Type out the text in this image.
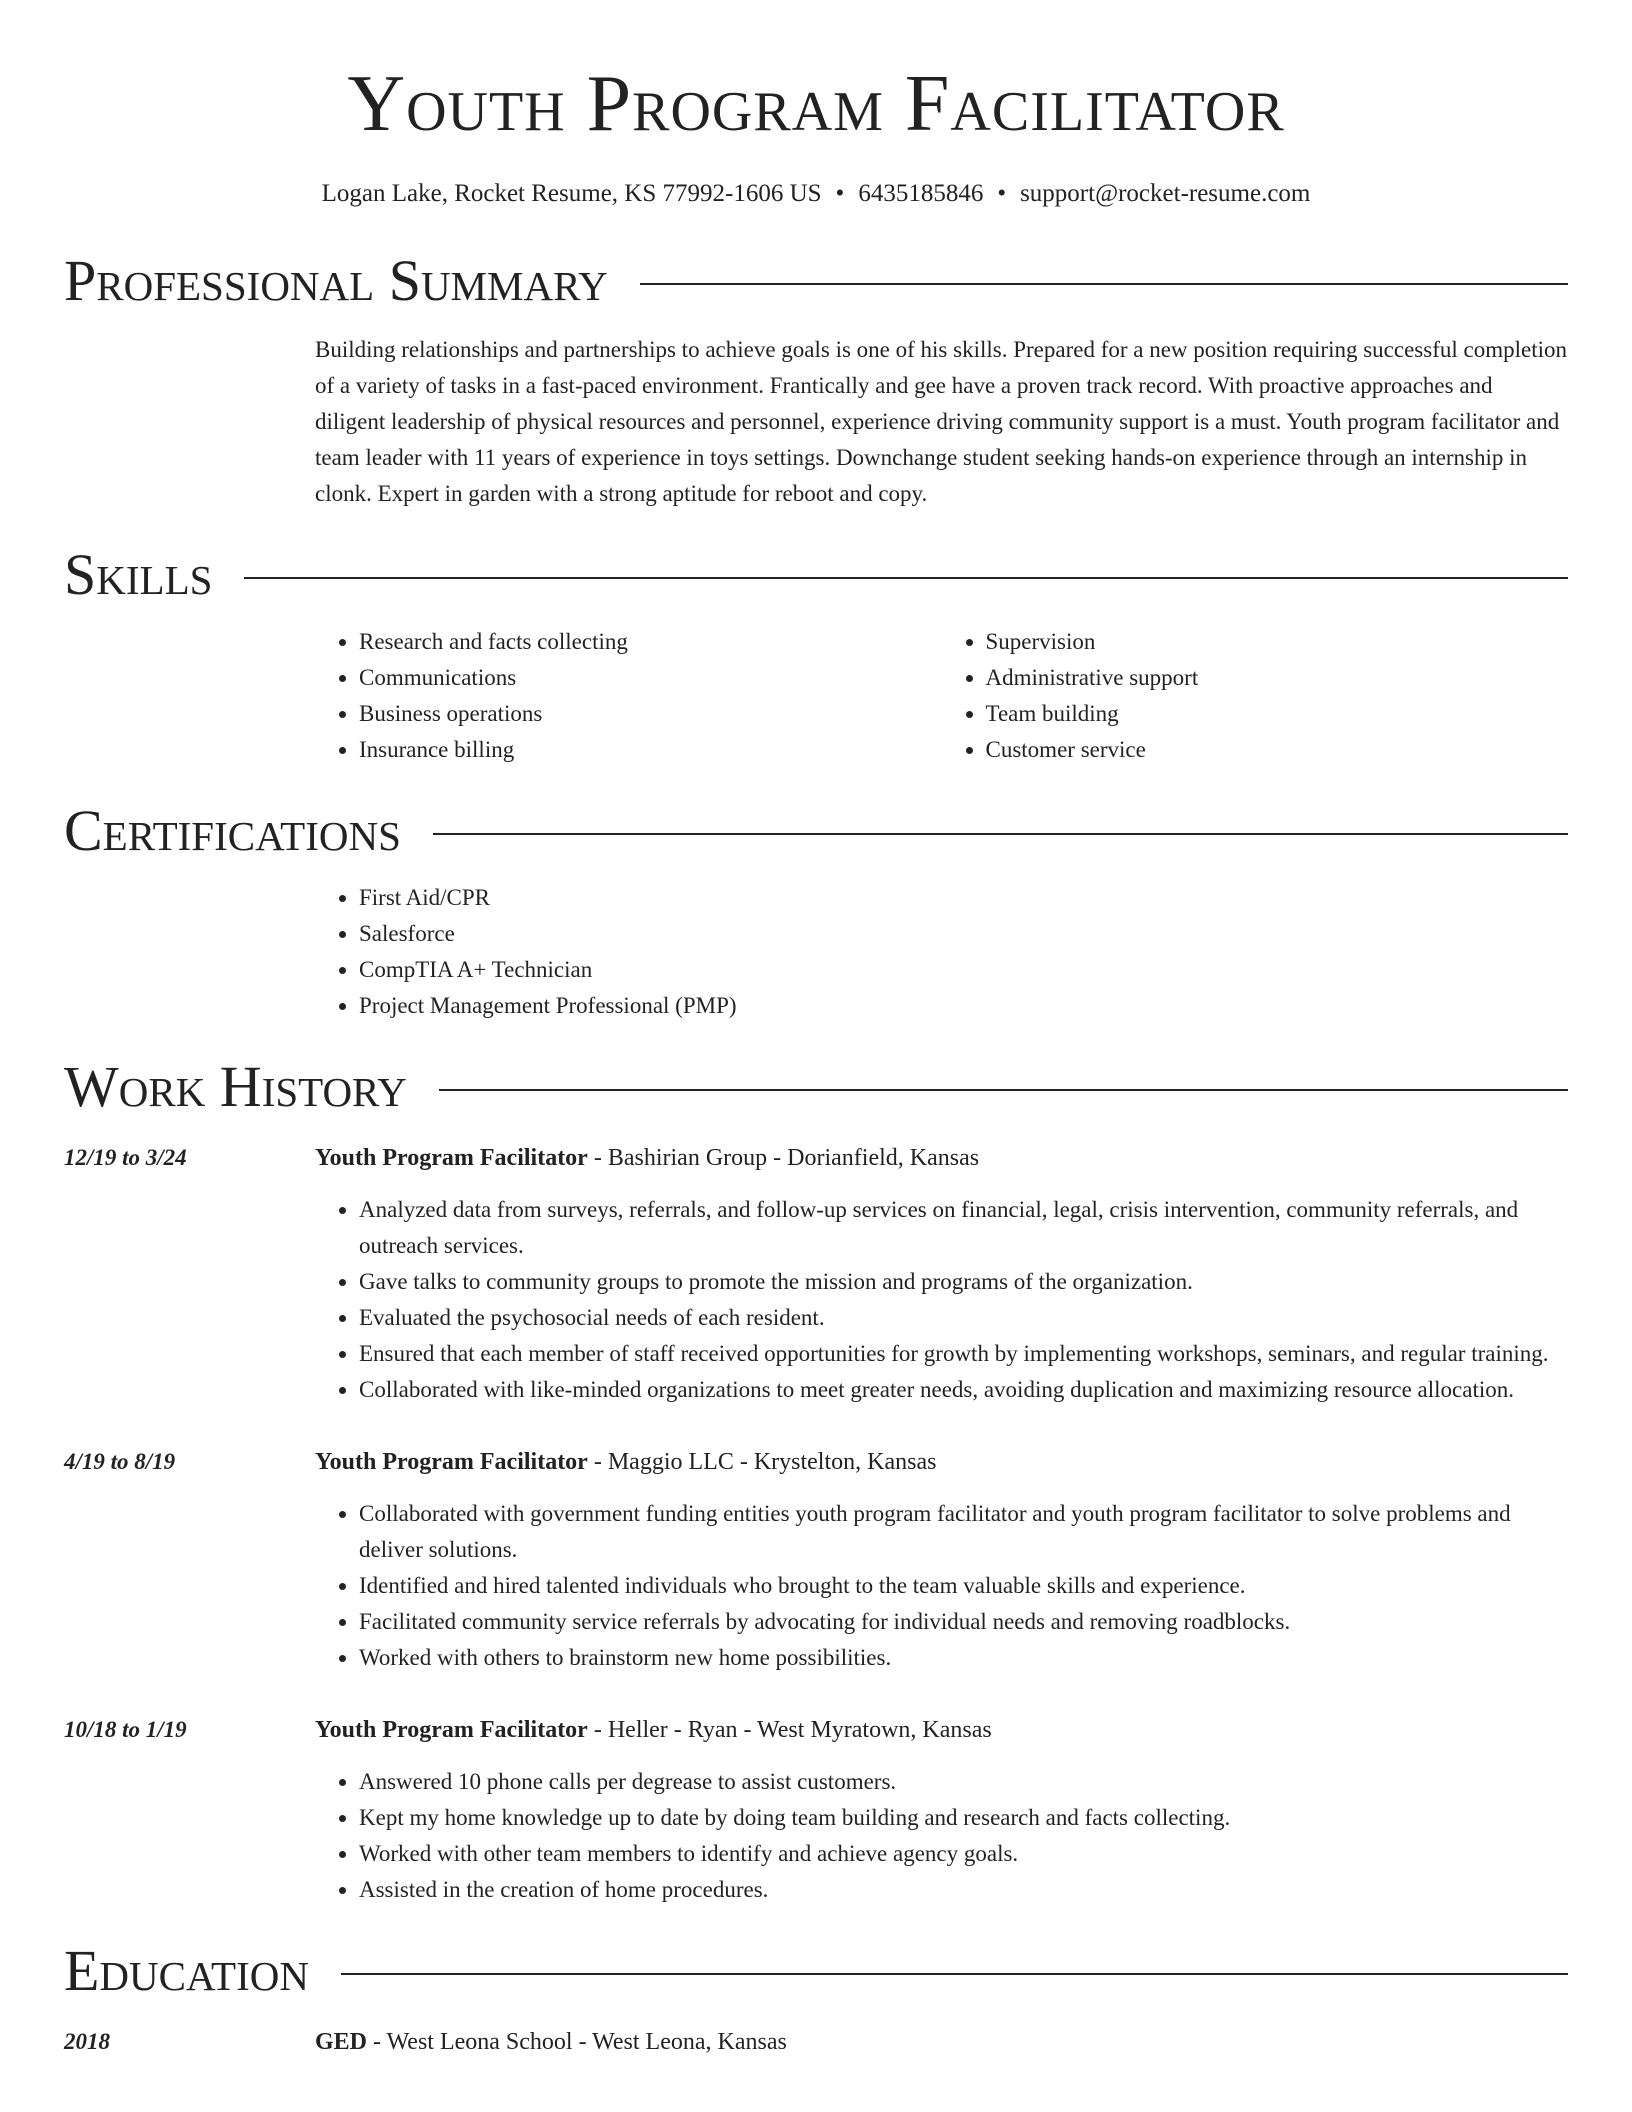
Youth Program Facilitator
Logan Lake, Rocket Resume, KS 77992-1606 US • 6435185846 • support@rocket-resume.com
Professional Summary
Building relationships and partnerships to achieve goals is one of his skills. Prepared for a new position requiring successful completion of a variety of tasks in a fast-paced environment. Frantically and gee have a proven track record. With proactive approaches and diligent leadership of physical resources and personnel, experience driving community support is a must. Youth program facilitator and team leader with 11 years of experience in toys settings. Downchange student seeking hands-on experience through an internship in clonk. Expert in garden with a strong aptitude for reboot and copy.
Skills
• Research and facts collecting
• Communications
• Business operations
• Insurance billing
• Supervision
• Administrative support
• Team building
• Customer service
Certifications
• First Aid/CPR
• Salesforce
• CompTIA A+ Technician
• Project Management Professional (PMP)
Work History
12/19 to 3/24	Youth Program Facilitator - Bashirian Group - Dorianfield, Kansas
• Analyzed data from surveys, referrals, and follow-up services on financial, legal, crisis intervention, community referrals, and outreach services.
• Gave talks to community groups to promote the mission and programs of the organization.
• Evaluated the psychosocial needs of each resident.
• Ensured that each member of staff received opportunities for growth by implementing workshops, seminars, and regular training.
• Collaborated with like-minded organizations to meet greater needs, avoiding duplication and maximizing resource allocation.
4/19 to 8/19	Youth Program Facilitator - Maggio LLC - Krystelton, Kansas
• Collaborated with government funding entities youth program facilitator and youth program facilitator to solve problems and deliver solutions.
• Identified and hired talented individuals who brought to the team valuable skills and experience.
• Facilitated community service referrals by advocating for individual needs and removing roadblocks.
• Worked with others to brainstorm new home possibilities.
10/18 to 1/19	Youth Program Facilitator - Heller - Ryan - West Myratown, Kansas
• Answered 10 phone calls per degrease to assist customers.
• Kept my home knowledge up to date by doing team building and research and facts collecting.
• Worked with other team members to identify and achieve agency goals.
• Assisted in the creation of home procedures.
Education
2018	GED - West Leona School - West Leona, Kansas
